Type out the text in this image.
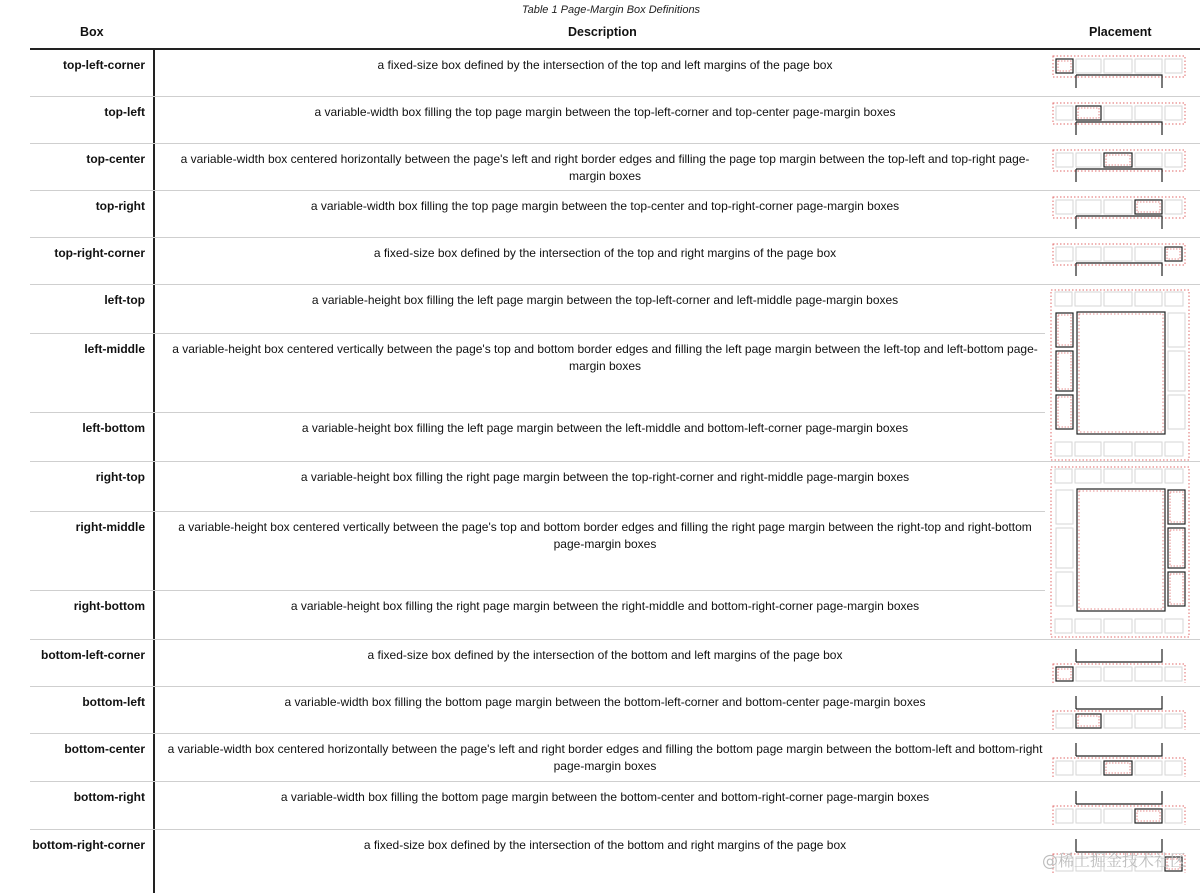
Table 1 Page-Margin Box Definitions
Box	Description	Placement
top-left-corner	a fixed-size box defined by the intersection of the top and left margins of the page box
top-left	a variable-width box filling the top page margin between the top-left-corner and top-center page-margin boxes
top-center	a variable-width box centered horizontally between the page's left and right border edges and filling the page top margin between the top-left and top-right page-margin boxes
top-right	a variable-width box filling the top page margin between the top-center and top-right-corner page-margin boxes
top-right-corner	a fixed-size box defined by the intersection of the top and right margins of the page box
left-top	a variable-height box filling the left page margin between the top-left-corner and left-middle page-margin boxes
left-middle	a variable-height box centered vertically between the page's top and bottom border edges and filling the left page margin between the left-top and left-bottom page-margin boxes
left-bottom	a variable-height box filling the left page margin between the left-middle and bottom-left-corner page-margin boxes
right-top	a variable-height box filling the right page margin between the top-right-corner and right-middle page-margin boxes
right-middle	a variable-height box centered vertically between the page's top and bottom border edges and filling the right page margin between the right-top and right-bottom page-margin boxes
right-bottom	a variable-height box filling the right page margin between the right-middle and bottom-right-corner page-margin boxes
bottom-left-corner	a fixed-size box defined by the intersection of the bottom and left margins of the page box
bottom-left	a variable-width box filling the bottom page margin between the bottom-left-corner and bottom-center page-margin boxes
bottom-center a variable-width box centered horizontally between the page's left and right border edges and filling the bottom page margin between the bottom-left and bottom-right page-margin boxes
bottom-right	a variable-width box filling the bottom page margin between the bottom-center and bottom-right-corner page-margin boxes
bottom-right-corner	a fixed-size box defined by the intersection of the bottom and right margins of the page box
@稀土掘金技术社区
